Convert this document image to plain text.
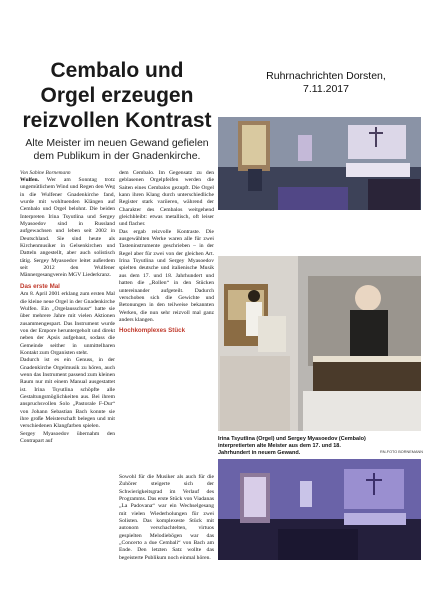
Cembalo und
Orgel erzeugen
reizvollen Kontrast
Alte Meister im neuen Gewand gefielen
dem Publikum in der Gnadenkirche.
Ruhrnachrichten Dorsten,
7.11.2017
Von Sabine Bornemann

Wulfen. Wer am Sonntag trotz ungemütlichem Wind und Regen den Weg in die Wulfener Gnadenkirche fand, wurde mit wohltuenden Klängen auf Cembalo und Orgel belohnt. Die beiden Interpreten Irina Tsyutlina und Sergey Myasoedov sind in Russland aufgewachsen und leben seit 2002 in Deutschland. Sie sind heute als Kirchenmusiker in Gelsenkirchen und Datteln angestellt, aber auch solistisch tätig. Sergey Myasoedov leitet außerdem seit 2012 den Wulfener Männergesangverein MGV Liederkranz.

Das erste Mal

Am 8. April 2001 erklang zum ersten Mal die kleine neue Orgel in der Gnadenkirche Wulfen. Ein „Orgelausschuss“ hatte sie über mehrere Jahre mit vielen Aktionen zusammengespart. Das Instrument wurde von der Empore heruntergeholt und direkt neben der Apsis aufgebaut, sodass die Gemeinde seither in unmittelbaren Kontakt zum Organisten steht.

Dadurch ist es ein Genuss, in der Gnadenkirche Orgelmusik zu hören, auch wenn das Instrument passend zum kleinen Raum nur mit einem Manual ausgestattet ist. Irina Tsyutlina schöpfte alle Gestaltungsmöglichkeiten aus. Bei ihrem anspruchsvollen Solo „Pastorale F-Dur“ von Johann Sebastian Bach konnte sie ihre große Meisterschaft belegen und mit verschiedenen Klangfarben spielen.

Sergey Myasoedov übernahm den Contrapart auf

dem Cembalo. Im Gegensatz zu den geblasenen Orgelpfeifen werden die Saiten eines Cembalos gezupft. Die Orgel kann ihren Klang durch unterschiedliche Register stark variieren, während der Charakter des Cembalos weitgehend gleichbleibt: etwas metallisch, oft leiser und flacher.

Das ergab reizvolle Kontraste. Die ausgewählten Werke waren alle für zwei Tasteninstrumente geschrieben – in der Regel aber für zwei von der gleichen Art. Irina Tsyutlina und Sergey Myasoedov spielten deutsche und italienische Musik aus dem 17. und 18. Jahrhundert und hatten die „Rollen“ in den Stücken untereinander aufgeteilt. Dadurch verschoben sich die Gewichte und Betonungen in den teilweise bekannten Werken, die nun sehr reizvoll mal ganz anders klangen.

Hochkomplexes Stück

Sowohl für die Musiker als auch für die Zuhörer steigerte sich der Schwierigkeitsgrad im Verlauf des Programms. Das erste Stück von Viadanas „La Padovana“ war ein Wechselgesang mit vielen Wiederholungen für zwei Solisten. Das komplexeste Stück mit autonom verschachtelten, virtuos gespielten Melodiebögen war das „Concerto a due Cembali“ von Bach am Ende. Den letzten Satz wollte das begeisterte Publikum noch einmal hören.

Irina Tsyutlina (Orgel) und Sergey Myasoedov (Cembalo) interpretierten alte Meister aus dem 17. und 18. Jahrhundert in neuem Gewand.	RN-FOTO BORNEMANN
